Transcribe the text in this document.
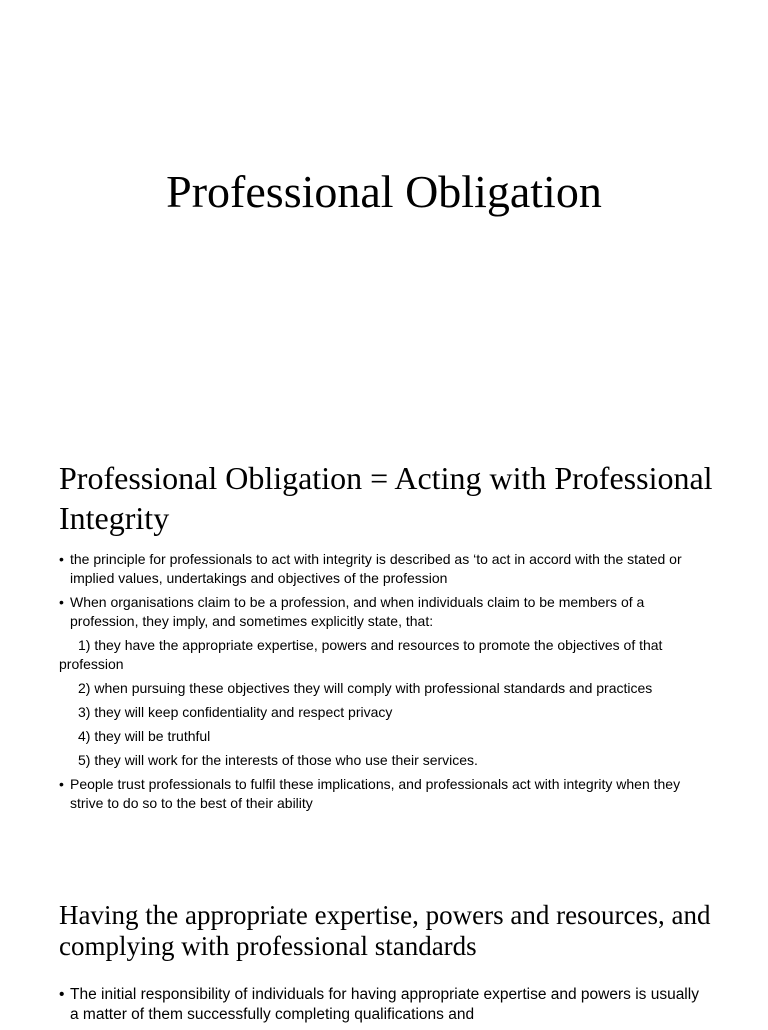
Professional Obligation
Professional Obligation = Acting with Professional Integrity
• the principle for professionals to act with integrity is described as ‘to act in accord with the stated or implied values, undertakings and objectives of the profession
• When organisations claim to be a profession, and when individuals claim to be members of a profession, they imply, and sometimes explicitly state, that:
1) they have the appropriate expertise, powers and resources to promote the objectives of that profession
2) when pursuing these objectives they will comply with professional standards and practices
3) they will keep confidentiality and respect privacy
4) they will be truthful
5) they will work for the interests of those who use their services.
• People trust professionals to fulfil these implications, and professionals act with integrity when they strive to do so to the best of their ability
Having the appropriate expertise, powers and resources, and complying with professional standards
• The initial responsibility of individuals for having appropriate expertise and powers is usually a matter of them successfully completing qualifications and
